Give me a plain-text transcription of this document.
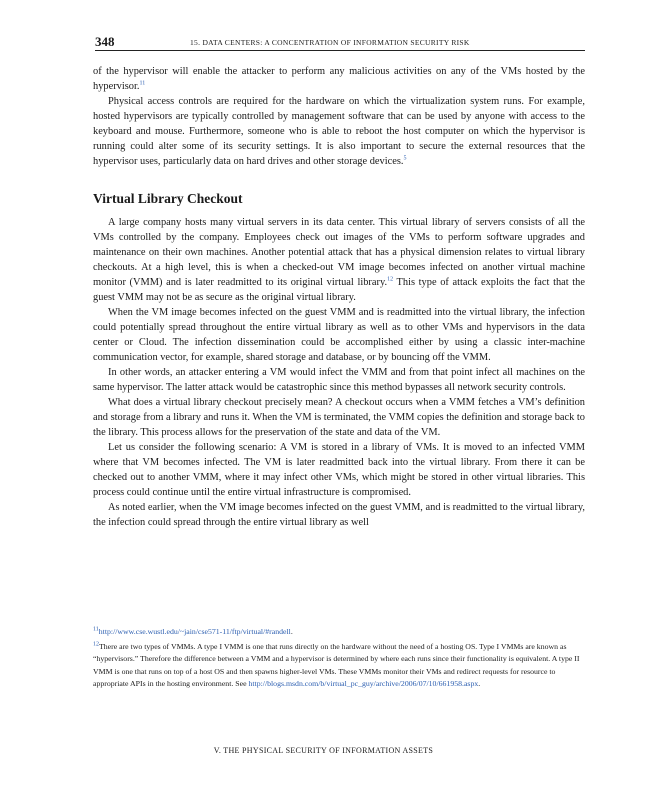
348	15. DATA CENTERS: A CONCENTRATION OF INFORMATION SECURITY RISK

of the hypervisor will enable the attacker to perform any malicious activities on any of the VMs hosted by the hypervisor.$^{11}$

Physical access controls are required for the hardware on which the virtualization system runs. For example, hosted hypervisors are typically controlled by management software that can be used by anyone with access to the keyboard and mouse. Furthermore, someone who is able to reboot the host computer on which the hypervisor is running could alter some of its security settings. It is also important to secure the external resources that the hypervisor uses, particularly data on hard drives and other storage devices.$^5$

Virtual Library Checkout

A large company hosts many virtual servers in its data center. This virtual library of servers consists of all the VMs controlled by the company. Employees check out images of the VMs to perform software upgrades and maintenance on their own machines. Another potential attack that has a physical dimension relates to virtual library checkouts. At a high level, this is when a checked-out VM image becomes infected on another virtual machine monitor (VMM) and is later readmitted to its original virtual library.$^{12}$ This type of attack exploits the fact that the guest VMM may not be as secure as the original virtual library.

When the VM image becomes infected on the guest VMM and is readmitted into the virtual library, the infection could potentially spread throughout the entire virtual library as well as to other VMs and hypervisors in the data center or Cloud. The infection dissemination could be accomplished either by using a classic inter-machine communication vector, for example, shared storage and database, or by bouncing off the VMM.

In other words, an attacker entering a VM would infect the VMM and from that point infect all machines on the same hypervisor. The latter attack would be catastrophic since this method bypasses all network security controls.

What does a virtual library checkout precisely mean? A checkout occurs when a VMM fetches a VM’s definition and storage from a library and runs it. When the VM is terminated, the VMM copies the definition and storage back to the library. This process allows for the preservation of the state and data of the VM.

Let us consider the following scenario: A VM is stored in a library of VMs. It is moved to an infected VMM where that VM becomes infected. The VM is later readmitted back into the virtual library. From there it can be checked out to another VMM, where it may infect other VMs, which might be stored in other virtual libraries. This process could continue until the entire virtual infrastructure is compromised.

As noted earlier, when the VM image becomes infected on the guest VMM, and is readmitted to the virtual library, the infection could spread through the entire virtual library as well

$^{11}$http://www.cse.wustl.edu/~jain/cse571-11/ftp/virtual/#randell.

$^{12}$There are two types of VMMs. A type I VMM is one that runs directly on the hardware without the need of a hosting OS. Type I VMMs are known as “hypervisors.” Therefore the difference between a VMM and a hypervisor is determined by where each runs since their functionality is equivalent. A type II VMM is one that runs on top of a host OS and then spawns higher-level VMs. These VMMs monitor their VMs and redirect requests for resource to appropriate APIs in the hosting environment. See http://blogs.msdn.com/b/virtual_pc_guy/archive/2006/07/10/661958.aspx.

V. THE PHYSICAL SECURITY OF INFORMATION ASSETS
